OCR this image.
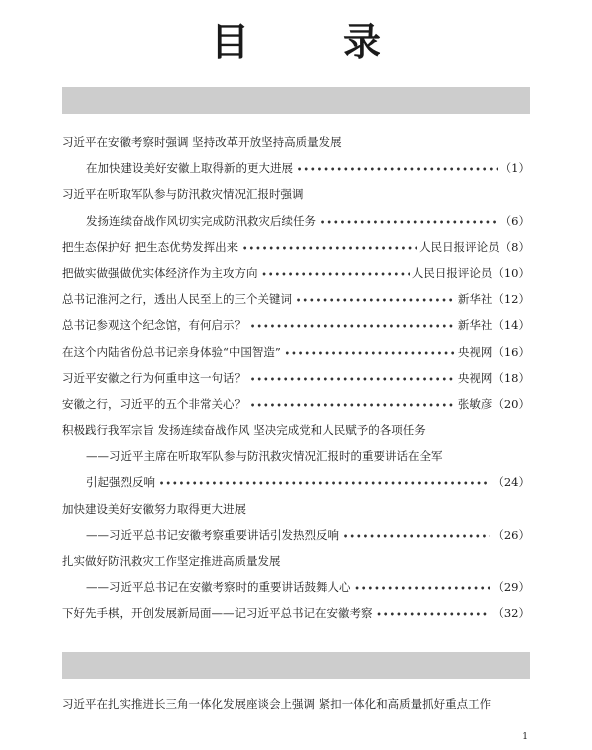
目　录
习近平在安徽考察时强调 坚持改革开放坚持高质量发展
在加快建设美好安徽上取得新的更大进展 •••••	（1）
习近平在听取军队参与防汛救灾情况汇报时强调
发扬连续奋战作风切实完成防汛救灾后续任务 •••••	（6）
把生态保护好 把生态优势发挥出来 •••••	人民日报评论员 （8）
把做实做强做优实体经济作为主攻方向 •••••	人民日报评论员 （10）
总书记淮河之行，透出人民至上的三个关键词 •••••	新华社 （12）
总书记参观这个纪念馆，有何启示？ •••••	新华社 （14）
在这个内陆省份总书记亲身体验“中国智造” •••••	央视网 （16）
习近平安徽之行为何重申这一句话？ •••••	央视网 （18）
安徽之行，习近平的五个非常关心？ •••••	张敏彦 （20）
积极践行我军宗旨 发扬连续奋战作风 坚决完成党和人民赋予的各项任务
——习近平主席在听取军队参与防汛救灾情况汇报时的重要讲话在全军
引起强烈反响 •••••	（24）
加快建设美好安徽努力取得更大进展
——习近平总书记安徽考察重要讲话引发热烈反响 •••••	（26）
扎实做好防汛救灾工作坚定推进高质量发展
——习近平总书记在安徽考察时的重要讲话鼓舞人心 •••••	（29）
下好先手棋，开创发展新局面——记习近平总书记在安徽考察 •••••	（32）
习近平在扎实推进长三角一体化发展座谈会上强调 紧扣一体化和高质量抓好重点工作
1
